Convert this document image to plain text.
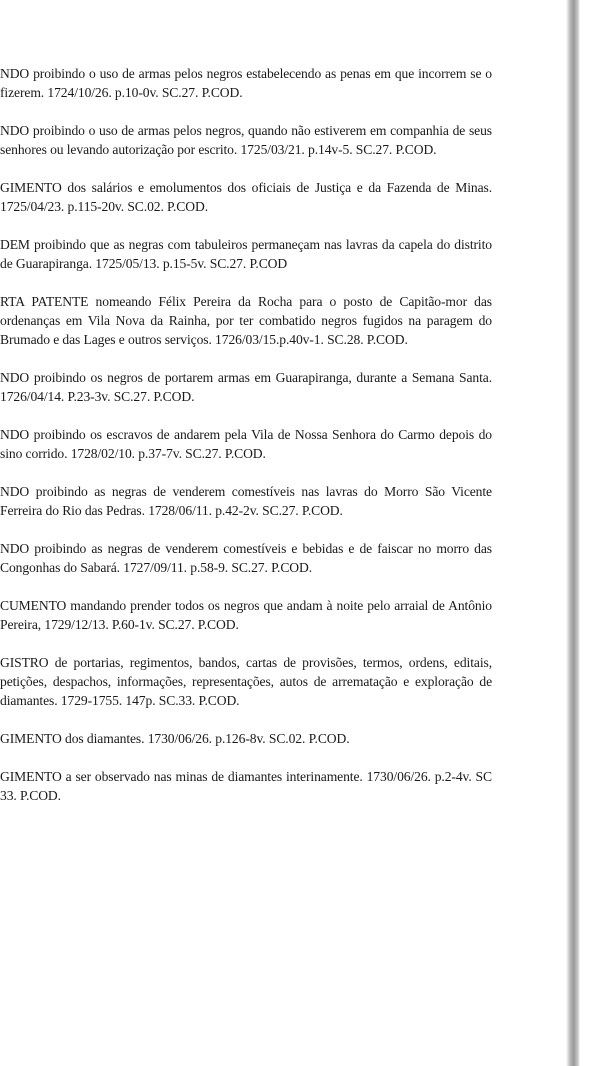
NDO proibindo o uso de armas pelos negros estabelecendo as penas em que incorrem se o fizerem. 1724/10/26. p.10-0v. SC.27. P.COD.
NDO proibindo o uso de armas pelos negros, quando não estiverem em companhia de seus senhores ou levando autorização por escrito. 1725/03/21. p.14v-5. SC.27. P.COD.
GIMENTO dos salários e emolumentos dos oficiais de Justiça e da Fazenda de Minas. 1725/04/23. p.115-20v. SC.02. P.COD.
DEM proibindo que as negras com tabuleiros permaneçam nas lavras da capela do distrito de Guarapiranga. 1725/05/13. p.15-5v. SC.27. P.COD
RTA PATENTE nomeando Félix Pereira da Rocha para o posto de Capitão-mor das ordenanças em Vila Nova da Rainha, por ter combatido negros fugidos na paragem do Brumado e das Lages e outros serviços. 1726/03/15.p.40v-1. SC.28. P.COD.
NDO proibindo os negros de portarem armas em Guarapiranga, durante a Semana Santa. 1726/04/14. P.23-3v. SC.27. P.COD.
NDO proibindo os escravos de andarem pela Vila de Nossa Senhora do Carmo depois do sino corrido. 1728/02/10. p.37-7v. SC.27. P.COD.
NDO proibindo as negras de venderem comestíveis nas lavras do Morro São Vicente Ferreira do Rio das Pedras. 1728/06/11. p.42-2v. SC.27. P.COD.
NDO proibindo as negras de venderem comestíveis e bebidas e de faiscar no morro das Congonhas do Sabará. 1727/09/11. p.58-9. SC.27. P.COD.
CUMENTO mandando prender todos os negros que andam à noite pelo arraial de Antônio Pereira, 1729/12/13. P.60-1v. SC.27. P.COD.
GISTRO de portarias, regimentos, bandos, cartas de provisões, termos, ordens, editais, petições, despachos, informações, representações, autos de arrematação e exploração de diamantes. 1729-1755. 147p. SC.33. P.COD.
GIMENTO dos diamantes. 1730/06/26. p.126-8v. SC.02. P.COD.
GIMENTO a ser observado nas minas de diamantes interinamente. 1730/06/26. p.2-4v. SC 33. P.COD.
